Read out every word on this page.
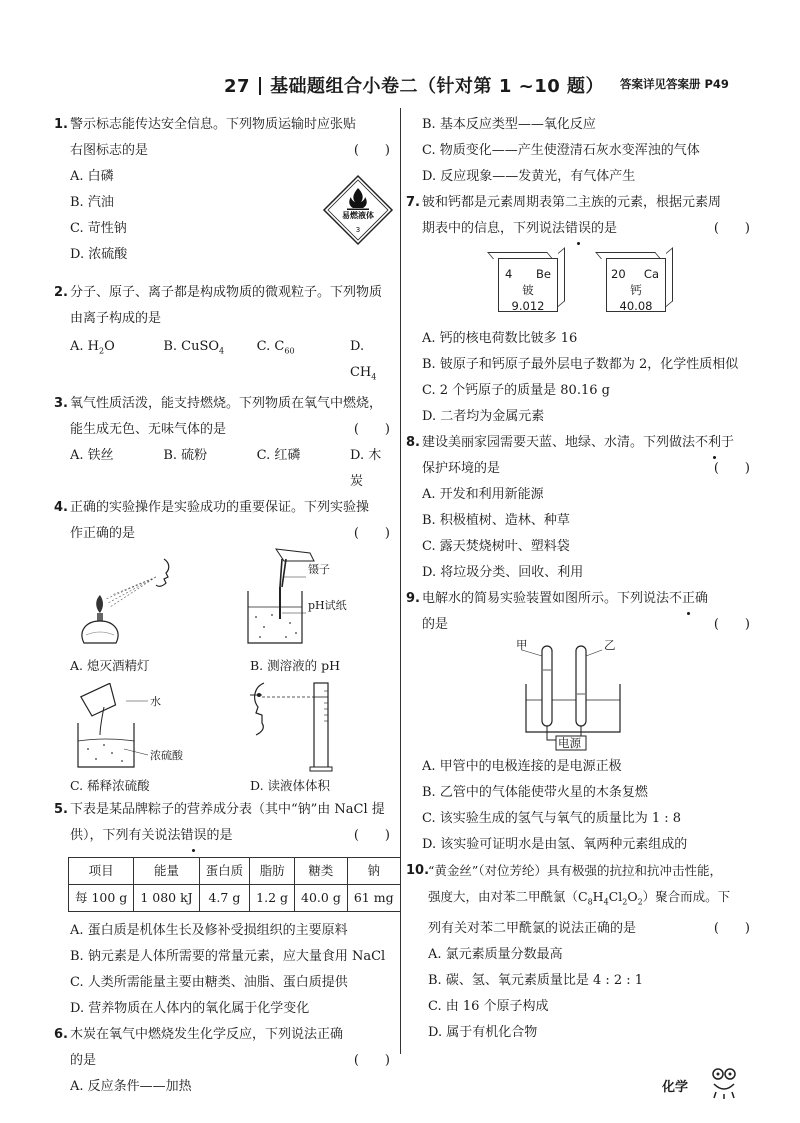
27 基础题组合小卷二（针对第 1 ~10 题） 答案详见答案册 P49
1. 警示标志能传达安全信息。下列物质运输时应张贴
右图标志的是	(　　)
A. 白磷
B. 汽油
C. 苛性钠
D. 浓硫酸
易燃液体
3
2. 分子、原子、离子都是构成物质的微观粒子。下列物质
由离子构成的是
A. $H_2O$	B. CuSO$_4$	C. $C_{60}$	D. $CH_4$
3. 氧气性质活泼，能支持燃烧。下列物质在氧气中燃烧，
能生成无色、无味气体的是	(　　)
A. 铁丝	B. 硫粉	C. 红磷	D. 木炭
4. 正确的实验操作是实验成功的重要保证。下列实验操
作正确的是	(　　)
A. 熄灭酒精灯
镊子
pH试纸
B. 测溶液的 pH
水
浓硫酸
C. 稀释浓硫酸	D. 读液体体积
5. 下表是某品牌粽子的营养成分表（其中“钠”由 NaCl 提
供），下列有关说法错误的是	(　　)
项目	能量	蛋白质	脂肪	糖类	钠
每 100 g	1 080 kJ	4.7 g	1.2 g	40.0 g	61 mg
A. 蛋白质是机体生长及修补受损组织的主要原料
B. 钠元素是人体所需要的常量元素，应大量食用 NaCl
C. 人类所需能量主要由糖类、油脂、蛋白质提供
D. 营养物质在人体内的氧化属于化学变化
6. 木炭在氧气中燃烧发生化学反应，下列说法正确
的是	(　　)
A. 反应条件——加热
B. 基本反应类型——氧化反应
C. 物质变化——产生使澄清石灰水变浑浊的气体
D. 反应现象——发黄光，有气体产生
7. 铍和钙都是元素周期表第二主族的元素，根据元素周
期表中的信息，下列说法错误的是	(　　)
4 Be
铍
9.012
20 Ca
钙
40.08
A. 钙的核电荷数比铍多 16
B. 铍原子和钙原子最外层电子数都为 2，化学性质相似
C. 2 个钙原子的质量是 80.16 g
D. 二者均为金属元素
8. 建设美丽家园需要天蓝、地绿、水清。下列做法不利于
保护环境的是	(　　)
A. 开发和利用新能源
B. 积极植树、造林、种草
C. 露天焚烧树叶、塑料袋
D. 将垃圾分类、回收、利用
9. 电解水的简易实验装置如图所示。下列说法不正确
的是	(　　)
甲	乙
电源
A. 甲管中的电极连接的是电源正极
B. 乙管中的气体能使带火星的木条复燃
C. 该实验生成的氢气与氧气的质量比为 1 : 8
D. 该实验可证明水是由氢、氧两种元素组成的
10.
“黄金丝”（对位芳纶）具有极强的抗拉和抗冲击性能，
强度大，由对苯二甲酰氯$(C_8H_4Cl_2O_2)$聚合而成。下
列有关对苯二甲酰氯的说法正确的是	(　　)
A. 氯元素质量分数最高
B. 碳、氢、氧元素质量比是 4 : 2 : 1
C. 由 16 个原子构成
D. 属于有机化合物
化学
